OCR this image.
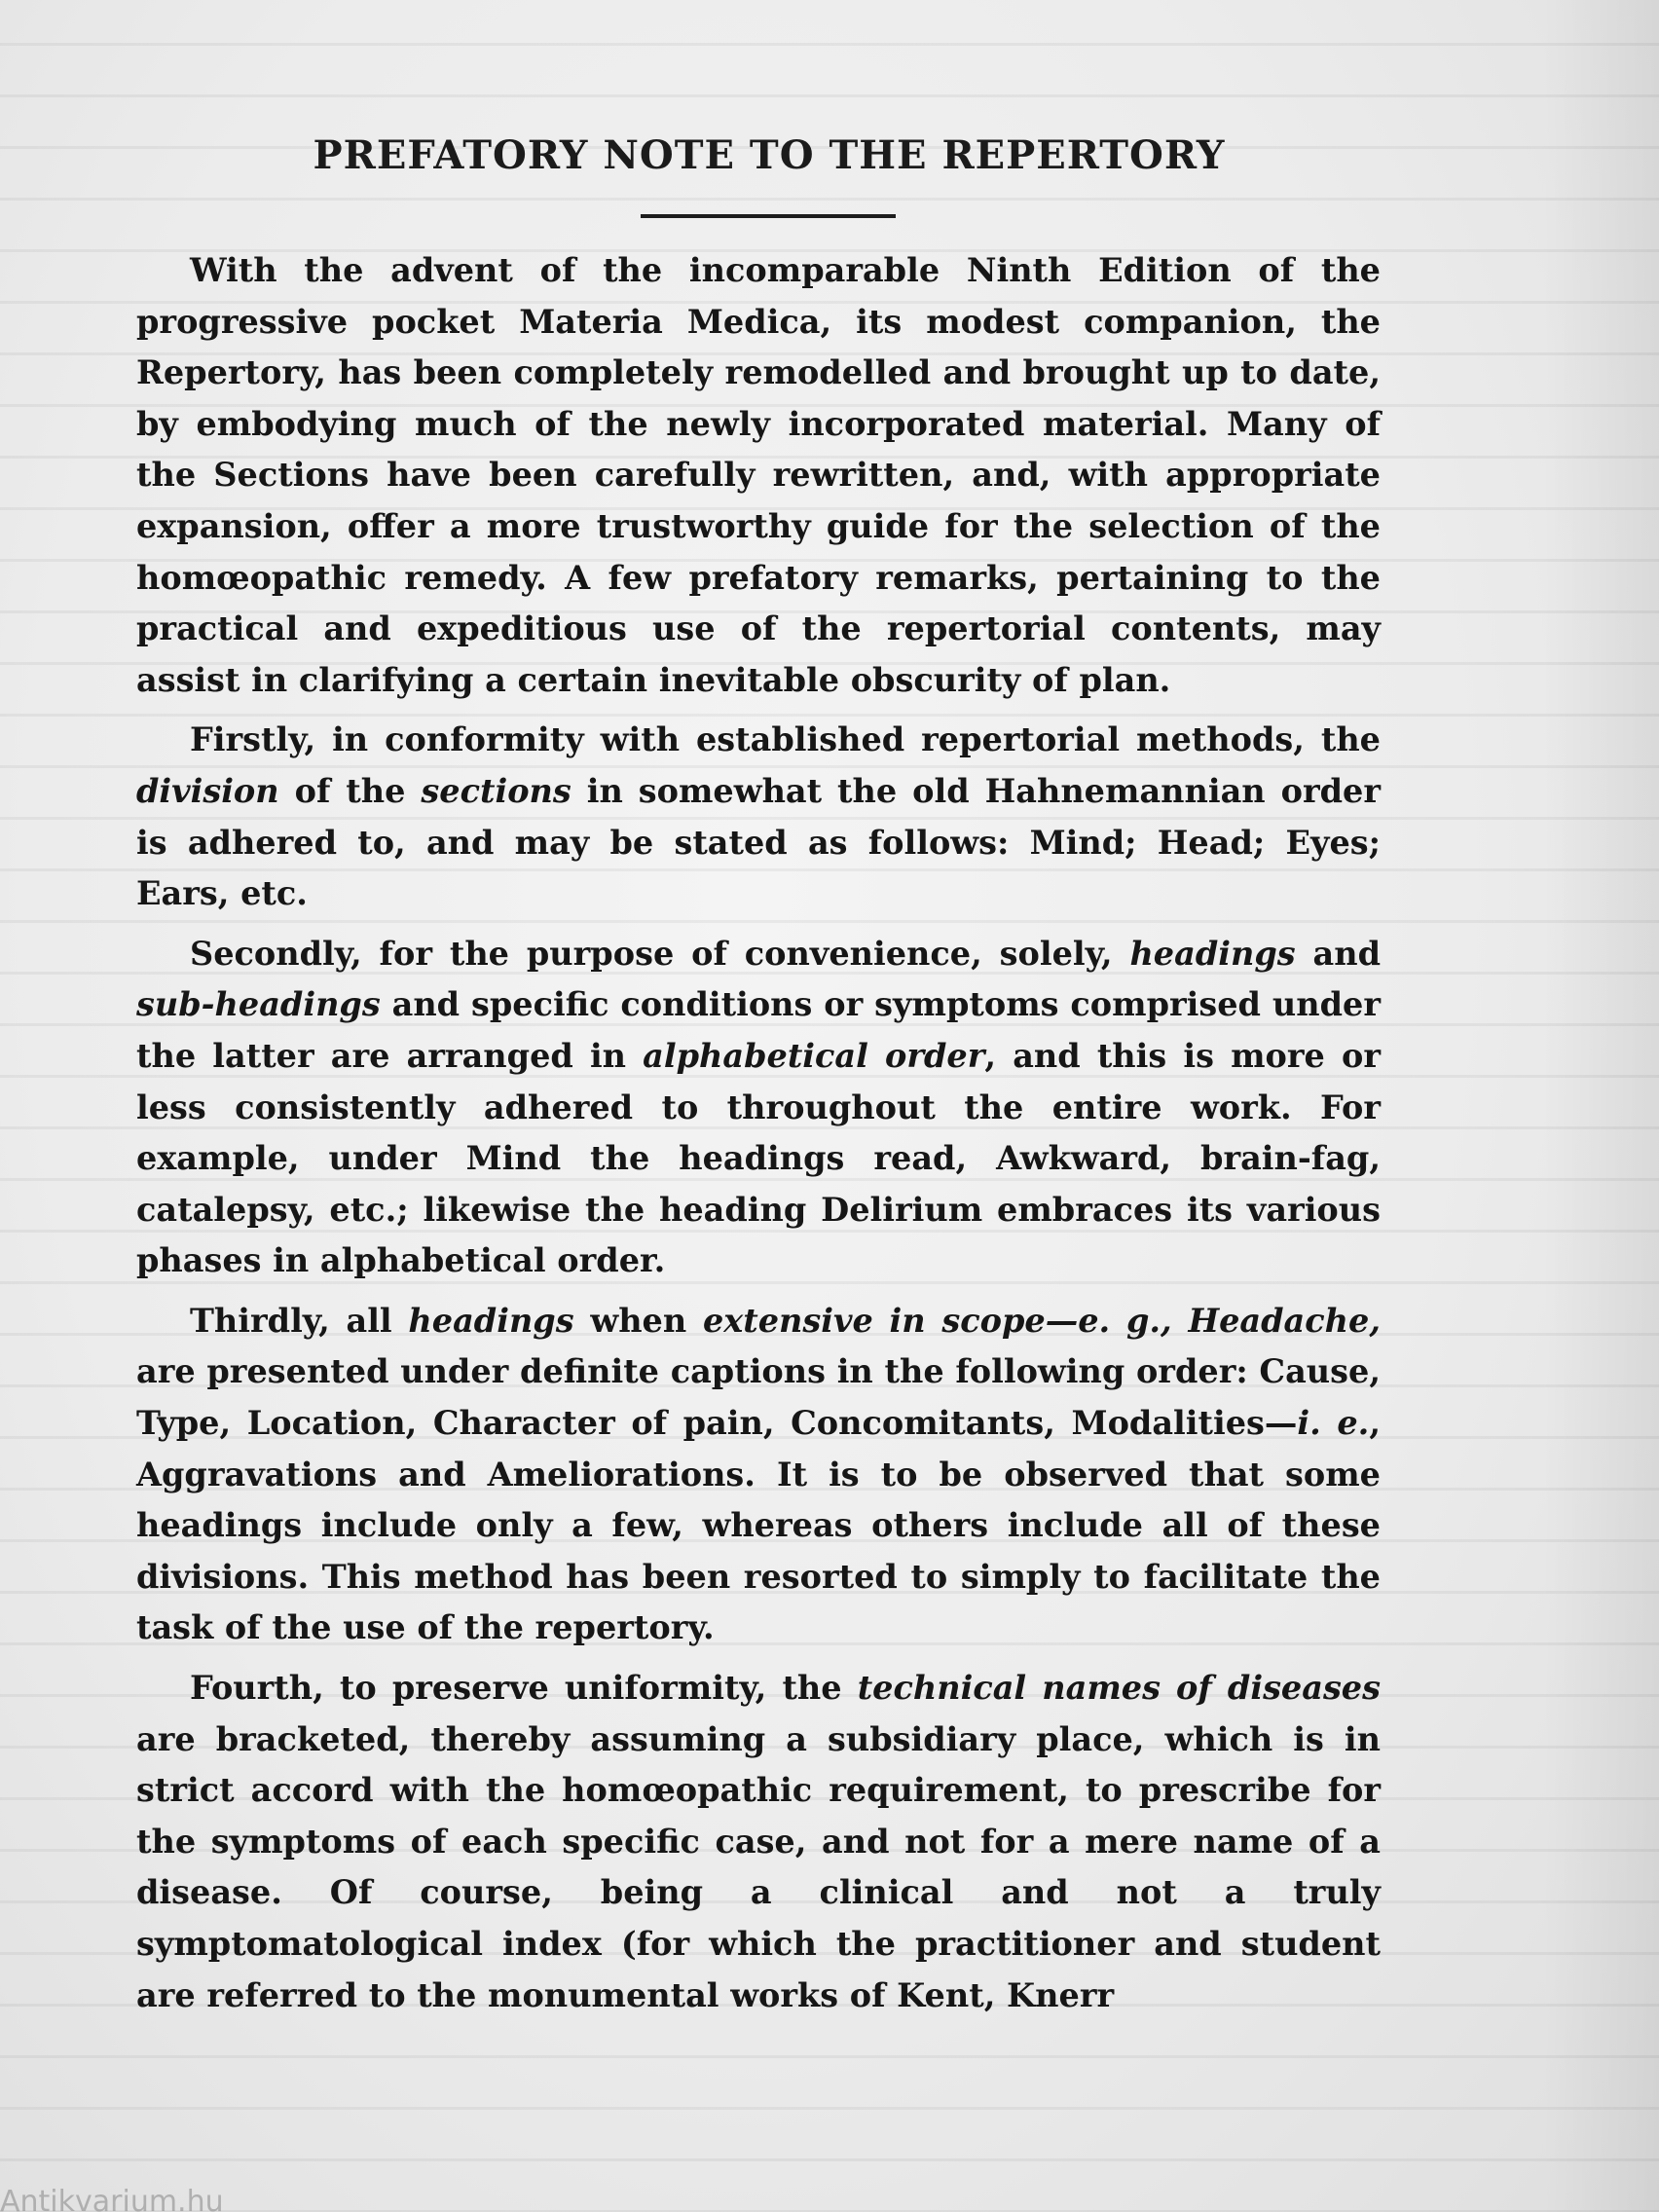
PREFATORY NOTE TO THE REPERTORY

With the advent of the incomparable Ninth Edition of the progressive pocket Materia Medica, its modest companion, the Repertory, has been completely remodelled and brought up to date, by embodying much of the newly incorporated material. Many of the Sections have been carefully rewritten, and, with appropriate expansion, offer a more trustworthy guide for the selection of the homœopathic remedy. A few prefatory remarks, pertaining to the practical and expeditious use of the repertorial contents, may assist in clarifying a certain inevitable obscurity of plan.

Firstly, in conformity with established repertorial methods, the division of the sections in somewhat the old Hahnemannian order is adhered to, and may be stated as follows: Mind; Head; Eyes; Ears, etc.

Secondly, for the purpose of convenience, solely, headings and sub-headings and specific conditions or symptoms comprised under the latter are arranged in alphabetical order, and this is more or less consistently adhered to throughout the entire work. For example, under Mind the headings read, Awkward, brain-fag, catalepsy, etc.; likewise the heading Delirium embraces its various phases in alphabetical order.

Thirdly, all headings when extensive in scope—e. g., Headache, are presented under definite captions in the following order: Cause, Type, Location, Character of pain, Concomitants, Modalities—i. e., Aggravations and Ameliorations. It is to be observed that some headings include only a few, whereas others include all of these divisions. This method has been resorted to simply to facilitate the task of the use of the repertory.

Fourth, to preserve uniformity, the technical names of diseases are bracketed, thereby assuming a subsidiary place, which is in strict accord with the homœopathic requirement, to prescribe for the symptoms of each specific case, and not for a mere name of a disease. Of course, being a clinical and not a truly symptomatological index (for which the practitioner and student are referred to the monumental works of Kent, Knerr

Antikvarium.hu
